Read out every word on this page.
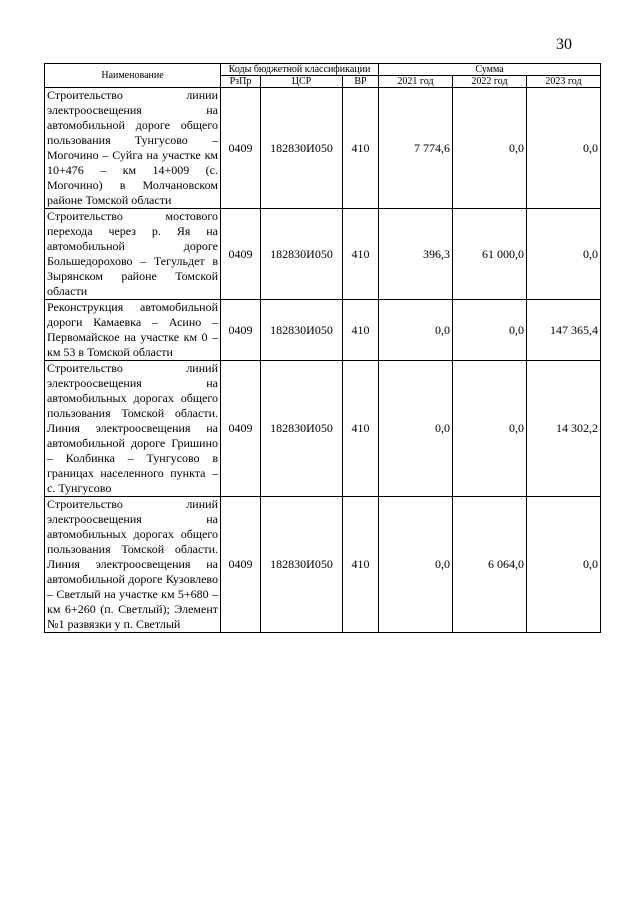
30
Наименование	Коды бюджетной классификации			Сумма		
	РзПр	ЦСР	ВР	2021 год	2022 год	2023 год
Строительство линии электроосвещения на автомобильной дороге общего пользования Тунгусово – Могочино – Суйга на участке км 10+476 – км 14+009 (с. Могочино) в Молчановском районе Томской области	0409	182830И050	410	7 774,6	0,0	0,0
Строительство мостового перехода через р. Яя на автомобильной дороге Большедорохово – Тегульдет в Зырянском районе Томской области	0409	182830И050	410	396,3	61 000,0	0,0
Реконструкция автомобильной дороги Камаевка – Асино – Первомайское на участке км 0 – км 53 в Томской области	0409	182830И050	410	0,0	0,0	147 365,4
Строительство линий электроосвещения на автомобильных дорогах общего пользования Томской области. Линия электроосвещения на автомобильной дороге Гришино – Колбинка – Тунгусово в границах населенного пункта – с. Тунгусово	0409	182830И050	410	0,0	0,0	14 302,2
Строительство линий электроосвещения на автомобильных дорогах общего пользования Томской области. Линия электроосвещения на автомобильной дороге Кузовлево – Светлый на участке км 5+680 – км 6+260 (п. Светлый); Элемент №1 развязки у п. Светлый	0409	182830И050	410	0,0	6 064,0	0,0
